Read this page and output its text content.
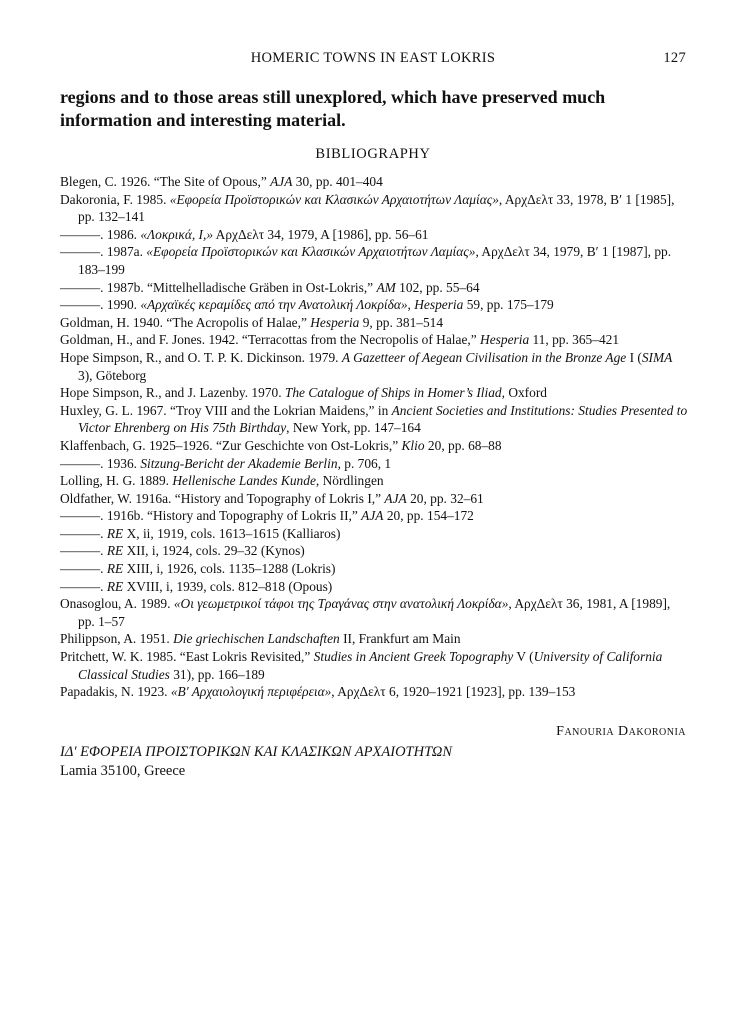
HOMERIC TOWNS IN EAST LOKRIS	127
regions and to those areas still unexplored, which have preserved much information and interesting material.
BIBLIOGRAPHY
Blegen, C. 1926. “The Site of Opous,” AJA 30, pp. 401–404
Dakoronia, F. 1985. «Εφορεία Προϊστορικών και Κλασικών Αρχαιοτήτων Λαμίας», ΑρχΔελτ 33, 1978, Β′ 1 [1985], pp. 132–141
———. 1986. «Λοκρικά, Ι,» ΑρχΔελτ 34, 1979, Α [1986], pp. 56–61
———. 1987a. «Εφορεία Προϊστορικών και Κλασικών Αρχαιοτήτων Λαμίας», ΑρχΔελτ 34, 1979, Β′ 1 [1987], pp. 183–199
———. 1987b. “Mittelhelladische Gräben in Ost-Lokris,” AM 102, pp. 55–64
———. 1990. «Αρχαϊκές κεραμίδες από την Ανατολική Λοκρίδα», Hesperia 59, pp. 175–179
Goldman, H. 1940. “The Acropolis of Halae,” Hesperia 9, pp. 381–514
Goldman, H., and F. Jones. 1942. “Terracottas from the Necropolis of Halae,” Hesperia 11, pp. 365–421
Hope Simpson, R., and O. T. P. K. Dickinson. 1979. A Gazetteer of Aegean Civilisation in the Bronze Age I (SIMA 3), Göteborg
Hope Simpson, R., and J. Lazenby. 1970. The Catalogue of Ships in Homer’s Iliad, Oxford
Huxley, G. L. 1967. “Troy VIII and the Lokrian Maidens,” in Ancient Societies and Institutions: Studies Presented to Victor Ehrenberg on His 75th Birthday, New York, pp. 147–164
Klaffenbach, G. 1925–1926. “Zur Geschichte von Ost-Lokris,” Klio 20, pp. 68–88
———. 1936. Sitzung-Bericht der Akademie Berlin, p. 706, 1
Lolling, H. G. 1889. Hellenische Landes Kunde, Nördlingen
Oldfather, W. 1916a. “History and Topography of Lokris I,” AJA 20, pp. 32–61
———. 1916b. “History and Topography of Lokris II,” AJA 20, pp. 154–172
———. RE X, ii, 1919, cols. 1613–1615 (Kalliaros)
———. RE XII, i, 1924, cols. 29–32 (Kynos)
———. RE XIII, i, 1926, cols. 1135–1288 (Lokris)
———. RE XVIII, i, 1939, cols. 812–818 (Opous)
Onasoglou, A. 1989. «Οι γεωμετρικοί τάφοι της Τραγάνας στην ανατολική Λοκρίδα», ΑρχΔελτ 36, 1981, Α [1989], pp. 1–57
Philippson, A. 1951. Die griechischen Landschaften II, Frankfurt am Main
Pritchett, W. K. 1985. “East Lokris Revisited,” Studies in Ancient Greek Topography V (University of California Classical Studies 31), pp. 166–189
Papadakis, N. 1923. «Β′ Αρχαιολογική περιφέρεια», ΑρχΔελτ 6, 1920–1921 [1923], pp. 139–153
Fanouria Dakoronia
ΙΔ′ ΕΦΟΡΕΙΑ ΠΡΟΙΣΤΟΡΙΚΩΝ ΚΑΙ ΚΛΑΣΙΚΩΝ ΑΡΧΑΙΟΤΗΤΩΝ
Lamia 35100, Greece
